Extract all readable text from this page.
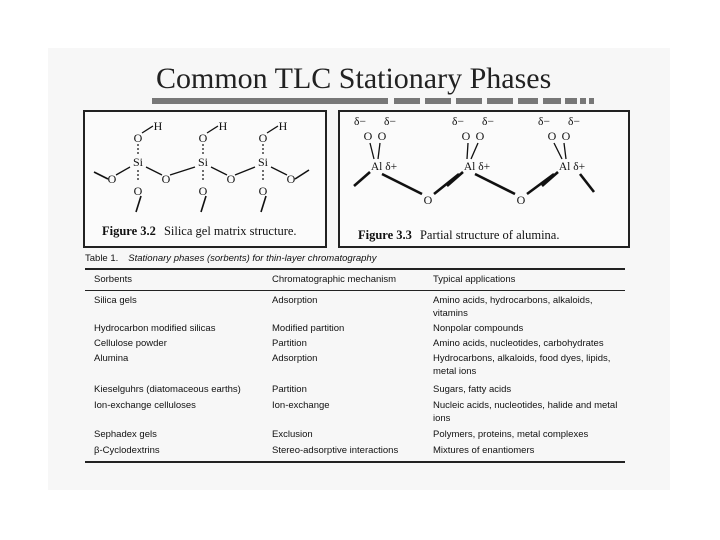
Common TLC Stationary Phases
Si
O
H
O
O	O
Si
O
H
O
O
Si
O
H
O
O
Figure 3.2 Silica gel matrix structure.
Al δ+
δ− δ−
O O
O
Al δ+
δ− δ−
O O
O
Al δ+
δ− δ−
O O
Figure 3.3 Partial structure of alumina.
Table 1. Stationary phases (sorbents) for thin-layer chromatography
Sorbents	Chromatographic mechanism	Typical applications
Silica gels	Adsorption	Amino acids, hydrocarbons, alkaloids, vitamins
Hydrocarbon modified silicas	Modified partition	Nonpolar compounds
Cellulose powder	Partition	Amino acids, nucleotides, carbohydrates
Alumina	Adsorption	Hydrocarbons, alkaloids, food dyes, lipids, metal ions
Kieselguhrs (diatomaceous earths)	Partition	Sugars, fatty acids
Ion-exchange celluloses	Ion-exchange	Nucleic acids, nucleotides, halide and metal ions
Sephadex gels	Exclusion	Polymers, proteins, metal complexes
β-Cyclodextrins	Stereo-adsorptive interactions	Mixtures of enantiomers
